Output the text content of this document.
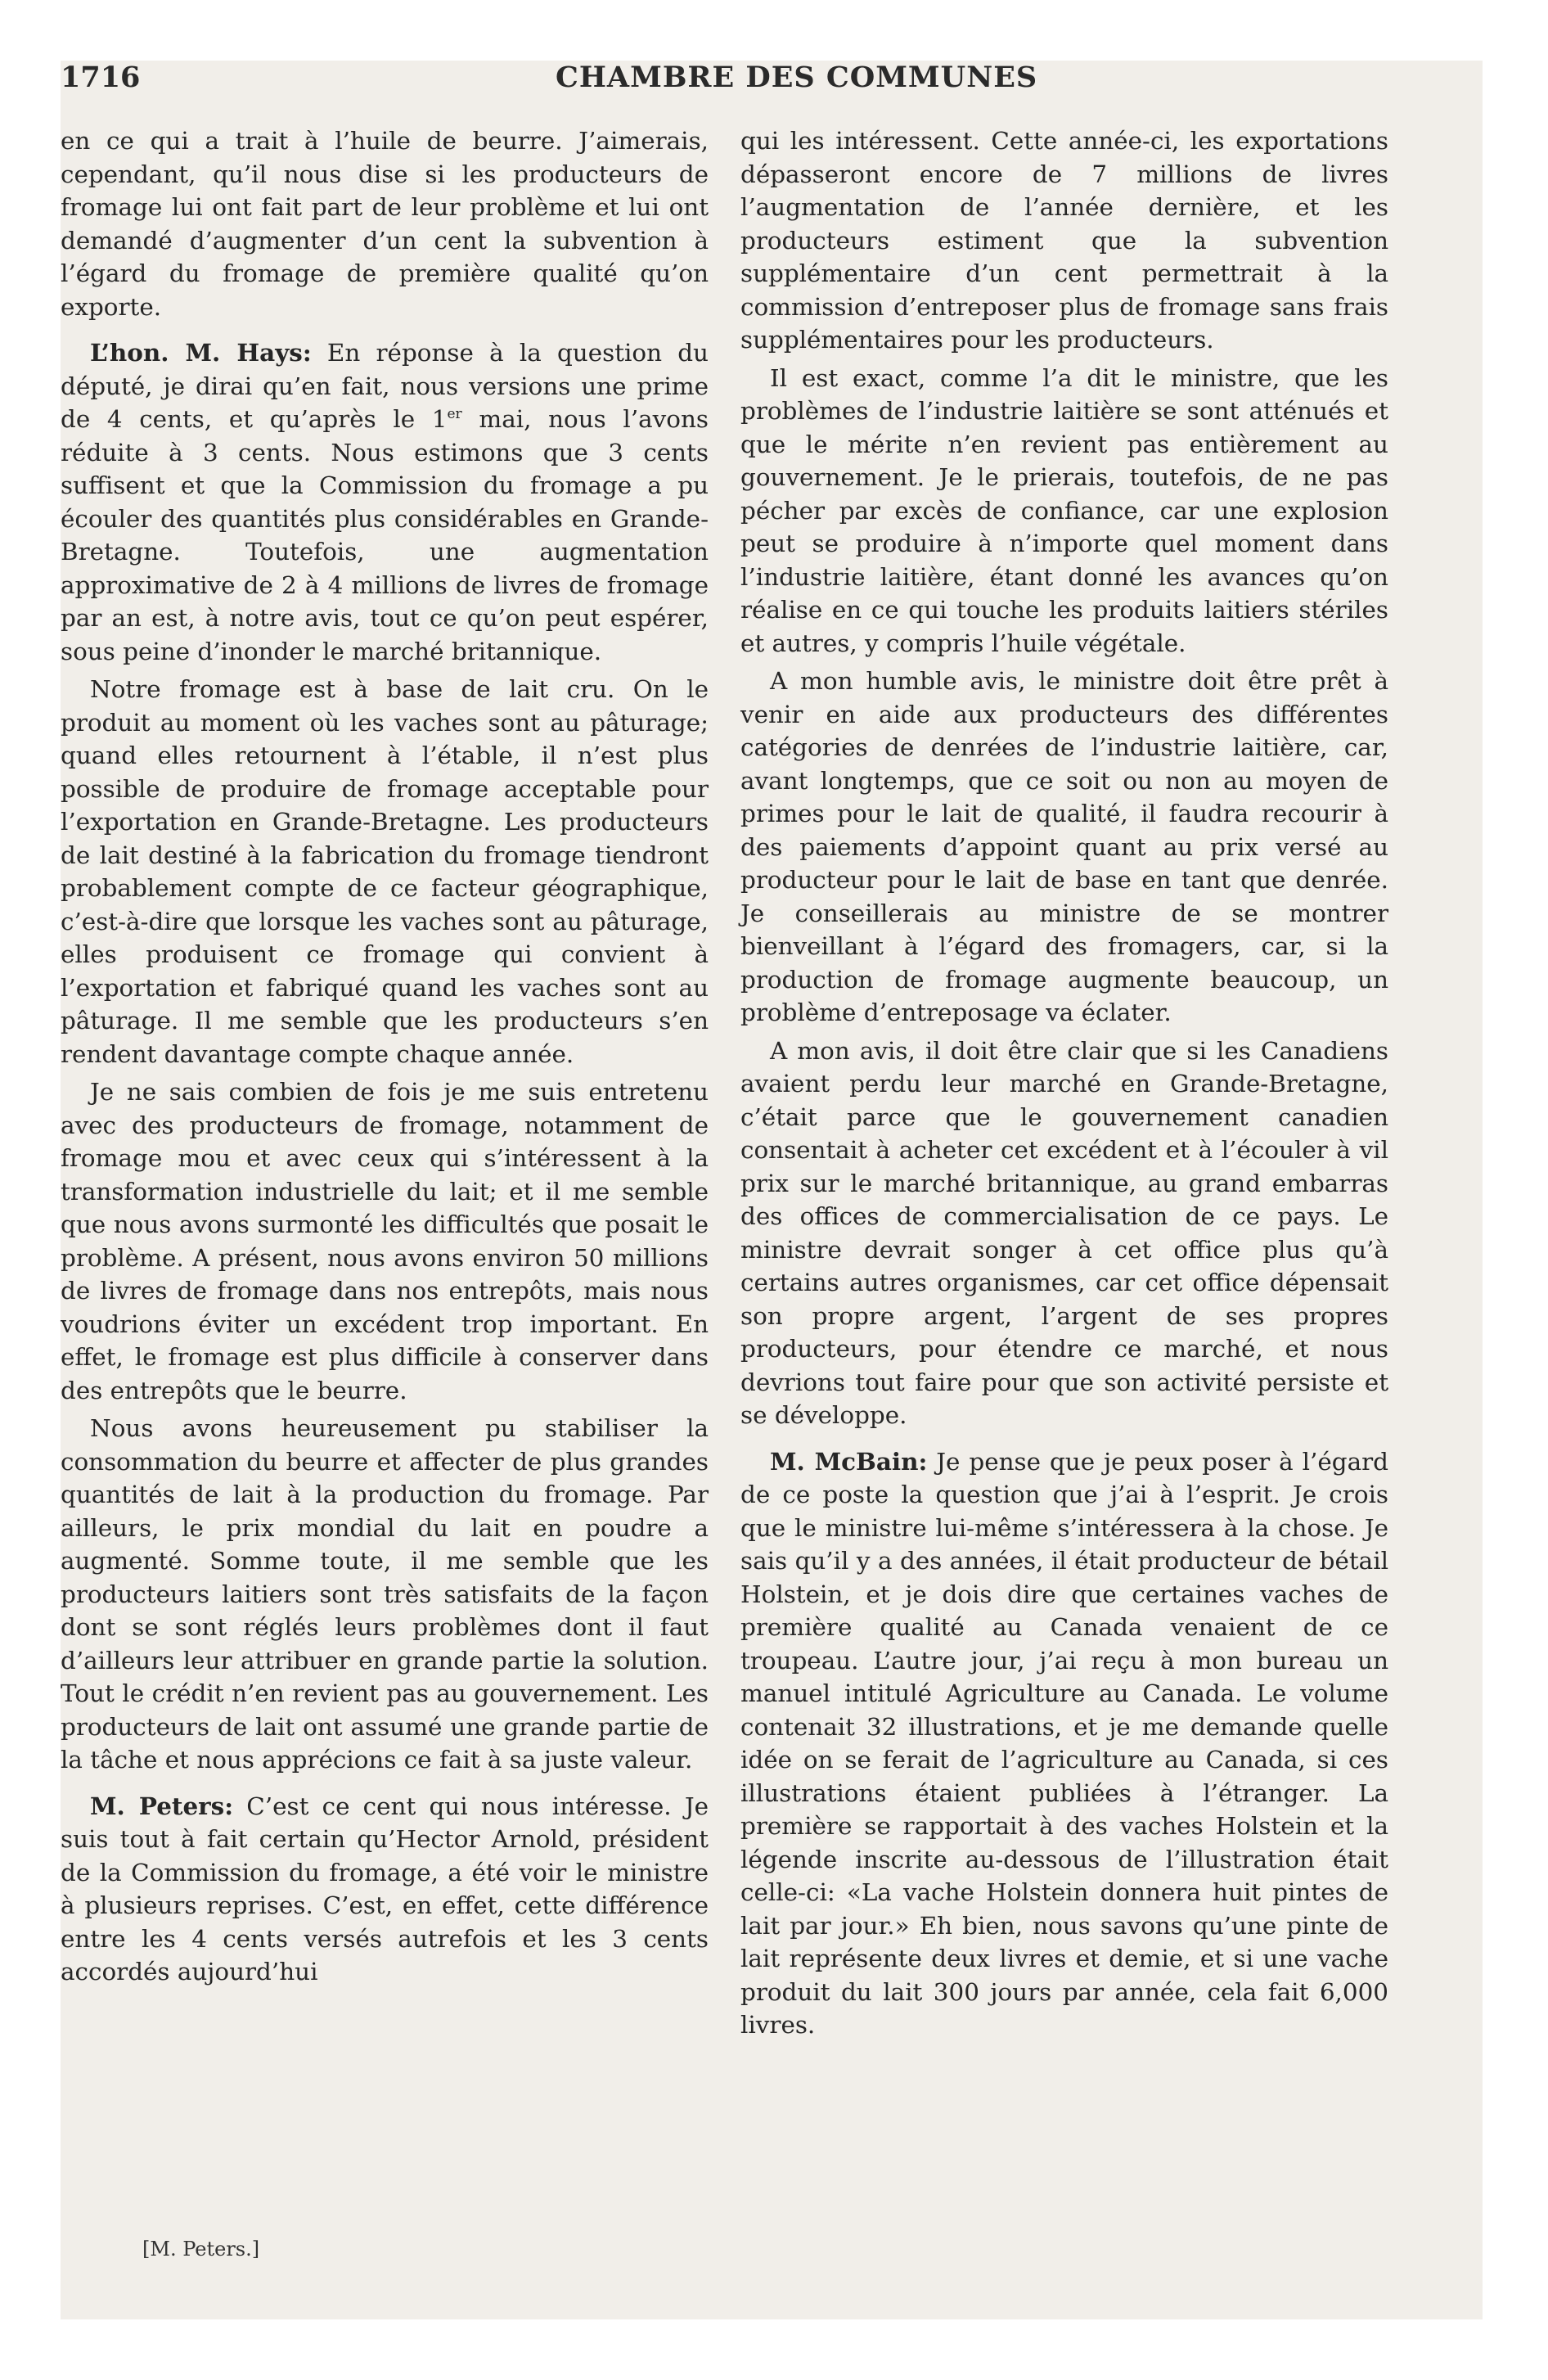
1716	CHAMBRE DES COMMUNES

en ce qui a trait à l’huile de beurre. J’aimerais, cependant, qu’il nous dise si les producteurs de fromage lui ont fait part de leur problème et lui ont demandé d’augmenter d’un cent la subvention à l’égard du fromage de première qualité qu’on exporte.

L’hon. M. Hays: En réponse à la question du député, je dirai qu’en fait, nous versions une prime de 4 cents, et qu’après le 1er mai, nous l’avons réduite à 3 cents. Nous estimons que 3 cents suffisent et que la Commission du fromage a pu écouler des quantités plus considérables en Grande-Bretagne. Toutefois, une augmentation approximative de 2 à 4 millions de livres de fromage par an est, à notre avis, tout ce qu’on peut espérer, sous peine d’inonder le marché britannique.

Notre fromage est à base de lait cru. On le produit au moment où les vaches sont au pâturage; quand elles retournent à l’étable, il n’est plus possible de produire de fromage acceptable pour l’exportation en Grande-Bretagne. Les producteurs de lait destiné à la fabrication du fromage tiendront probablement compte de ce facteur géographique, c’est-à-dire que lorsque les vaches sont au pâturage, elles produisent ce fromage qui convient à l’exportation et fabriqué quand les vaches sont au pâturage. Il me semble que les producteurs s’en rendent davantage compte chaque année.

Je ne sais combien de fois je me suis entretenu avec des producteurs de fromage, notamment de fromage mou et avec ceux qui s’intéressent à la transformation industrielle du lait; et il me semble que nous avons surmonté les difficultés que posait le problème. A présent, nous avons environ 50 millions de livres de fromage dans nos entrepôts, mais nous voudrions éviter un excédent trop important. En effet, le fromage est plus difficile à conserver dans des entrepôts que le beurre.

Nous avons heureusement pu stabiliser la consommation du beurre et affecter de plus grandes quantités de lait à la production du fromage. Par ailleurs, le prix mondial du lait en poudre a augmenté. Somme toute, il me semble que les producteurs laitiers sont très satisfaits de la façon dont se sont réglés leurs problèmes dont il faut d’ailleurs leur attribuer en grande partie la solution. Tout le crédit n’en revient pas au gouvernement. Les producteurs de lait ont assumé une grande partie de la tâche et nous apprécions ce fait à sa juste valeur.

M. Peters: C’est ce cent qui nous intéresse. Je suis tout à fait certain qu’Hector Arnold, président de la Commission du fromage, a été voir le ministre à plusieurs reprises. C’est, en effet, cette différence entre les 4 cents versés autrefois et les 3 cents accordés aujourd’hui

qui les intéressent. Cette année-ci, les exportations dépasseront encore de 7 millions de livres l’augmentation de l’année dernière, et les producteurs estiment que la subvention supplémentaire d’un cent permettrait à la commission d’entreposer plus de fromage sans frais supplémentaires pour les producteurs.

Il est exact, comme l’a dit le ministre, que les problèmes de l’industrie laitière se sont atténués et que le mérite n’en revient pas entièrement au gouvernement. Je le prierais, toutefois, de ne pas pécher par excès de confiance, car une explosion peut se produire à n’importe quel moment dans l’industrie laitière, étant donné les avances qu’on réalise en ce qui touche les produits laitiers stériles et autres, y compris l’huile végétale.

A mon humble avis, le ministre doit être prêt à venir en aide aux producteurs des différentes catégories de denrées de l’industrie laitière, car, avant longtemps, que ce soit ou non au moyen de primes pour le lait de qualité, il faudra recourir à des paiements d’appoint quant au prix versé au producteur pour le lait de base en tant que denrée. Je conseillerais au ministre de se montrer bienveillant à l’égard des fromagers, car, si la production de fromage augmente beaucoup, un problème d’entreposage va éclater.

A mon avis, il doit être clair que si les Canadiens avaient perdu leur marché en Grande-Bretagne, c’était parce que le gouvernement canadien consentait à acheter cet excédent et à l’écouler à vil prix sur le marché britannique, au grand embarras des offices de commercialisation de ce pays. Le ministre devrait songer à cet office plus qu’à certains autres organismes, car cet office dépensait son propre argent, l’argent de ses propres producteurs, pour étendre ce marché, et nous devrions tout faire pour que son activité persiste et se développe.

M. McBain: Je pense que je peux poser à l’égard de ce poste la question que j’ai à l’esprit. Je crois que le ministre lui-même s’intéressera à la chose. Je sais qu’il y a des années, il était producteur de bétail Holstein, et je dois dire que certaines vaches de première qualité au Canada venaient de ce troupeau. L’autre jour, j’ai reçu à mon bureau un manuel intitulé Agriculture au Canada. Le volume contenait 32 illustrations, et je me demande quelle idée on se ferait de l’agriculture au Canada, si ces illustrations étaient publiées à l’étranger. La première se rapportait à des vaches Holstein et la légende inscrite au-dessous de l’illustration était celle-ci: «La vache Holstein donnera huit pintes de lait par jour.» Eh bien, nous savons qu’une pinte de lait représente deux livres et demie, et si une vache produit du lait 300 jours par année, cela fait 6,000 livres.

[M. Peters.]
